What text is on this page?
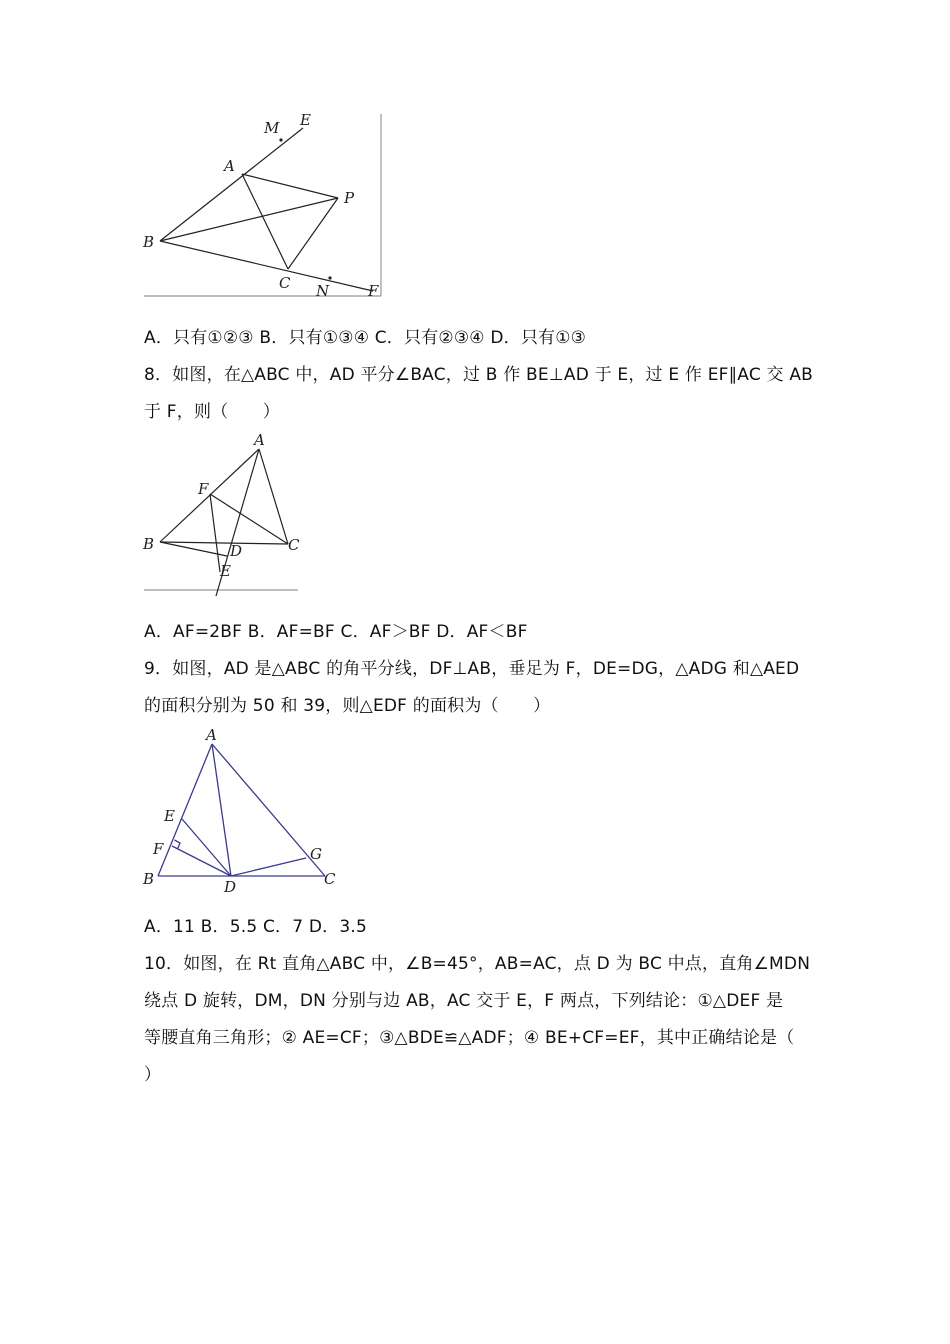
M E
A
P
B
C N	F
A．只有①②③ B．只有①③④ C．只有②③④ D．只有①③
8．如图，在△ABC 中，AD 平分∠BAC，过 B 作 BE⊥AD 于 E，过 E 作 EF∥AC 交 AB
于 F，则（　　）
A
F
B	D	C
E
A．AF=2BF B．AF=BF C．AF＞BF D．AF＜BF
9．如图，AD 是△ABC 的角平分线，DF⊥AB，垂足为 F，DE=DG，△ADG 和△AED
的面积分别为 50 和 39，则△EDF 的面积为（　　）
A
E
F	G
B	D	C
A．11 B．5.5 C．7 D．3.5
10．如图，在 Rt 直角△ABC 中，∠B=45°，AB=AC，点 D 为 BC 中点，直角∠MDN
绕点 D 旋转，DM，DN 分别与边 AB，AC 交于 E，F 两点，下列结论：①△DEF 是
等腰直角三角形；② AE=CF；③△BDE≌△ADF；④ BE+CF=EF，其中正确结论是（
）
